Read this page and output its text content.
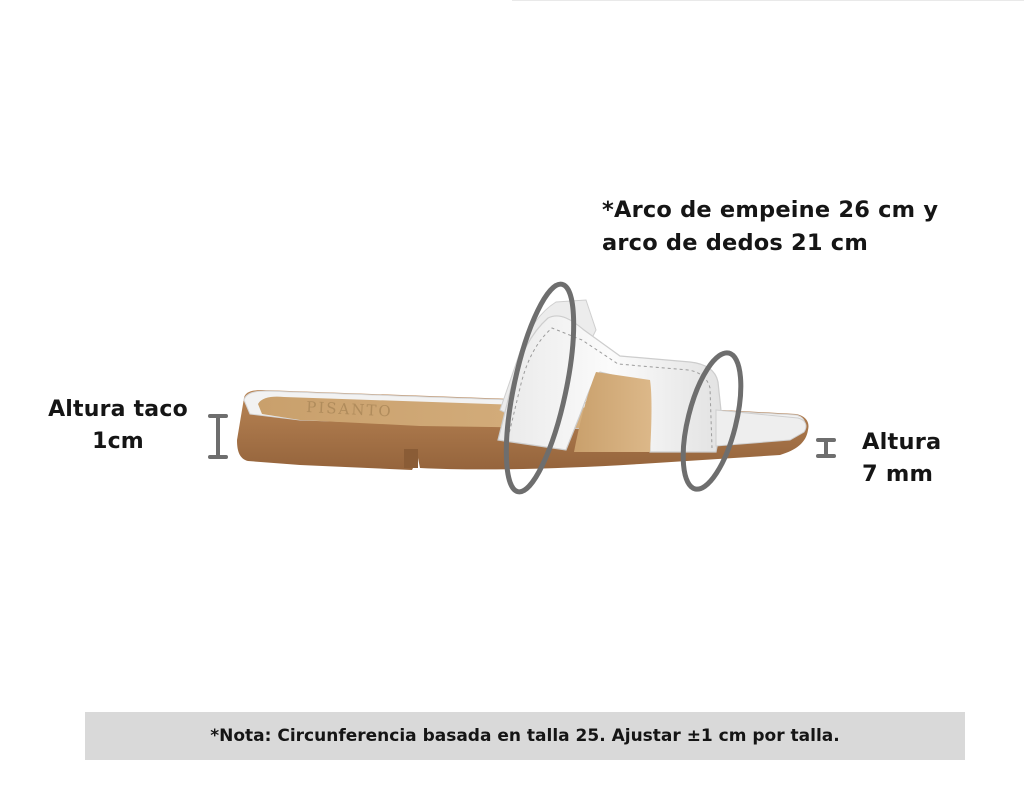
PISANTO
*Arco de empeine 26 cm y
arco de dedos 21 cm
Altura taco
1cm	Altura
7 mm
*Nota: Circunferencia basada en talla 25. Ajustar ±1 cm por talla.
